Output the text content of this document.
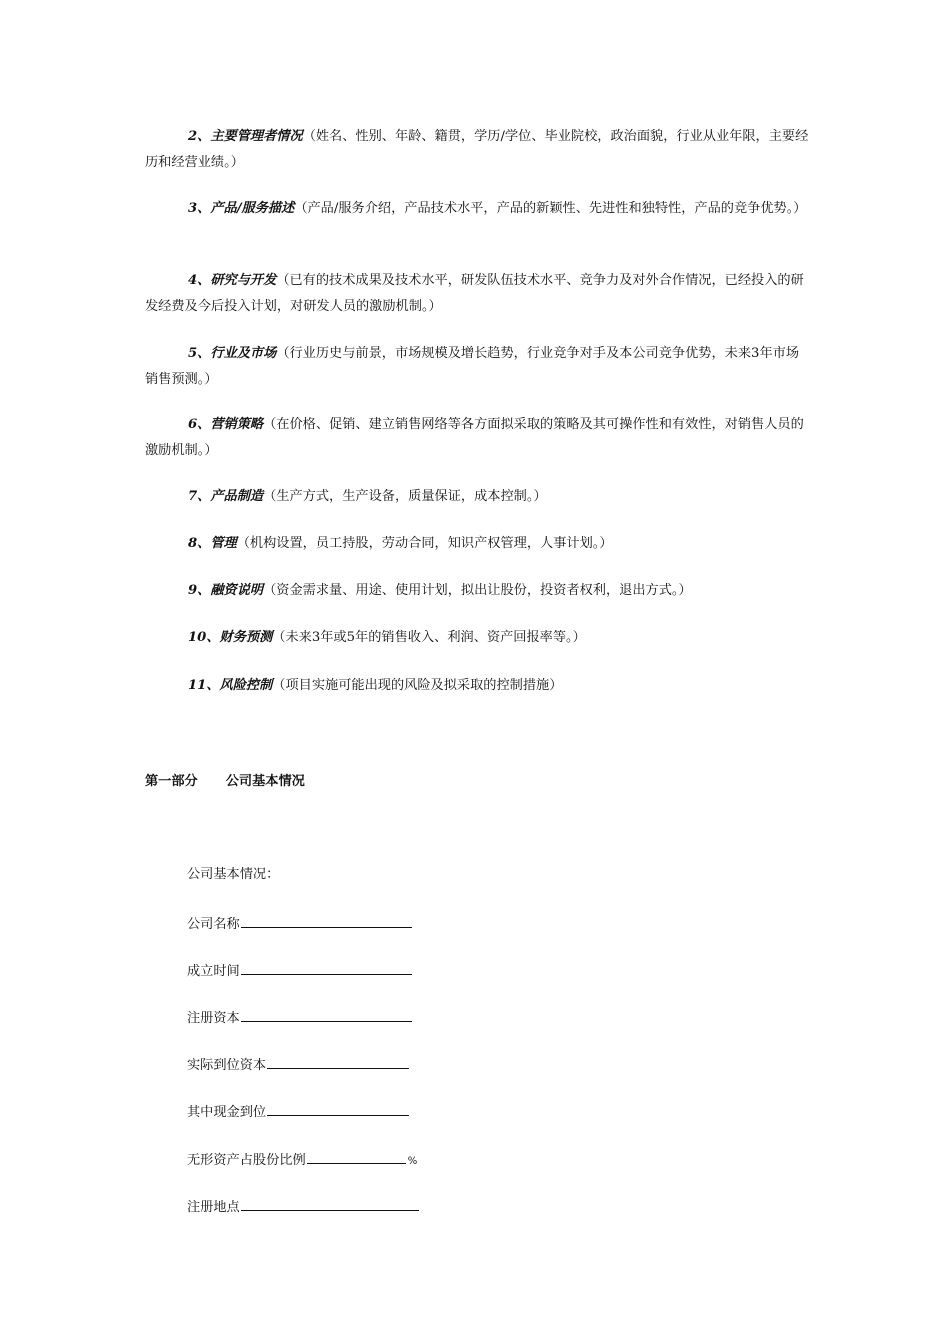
2、主要管理者情况（姓名、性别、年龄、籍贯，学历/学位、毕业院校，政治面貌，行业从业年限，主要经历和经营业绩。）

3、产品/服务描述（产品/服务介绍，产品技术水平，产品的新颖性、先进性和独特性，产品的竞争优势。）

4、研究与开发（已有的技术成果及技术水平，研发队伍技术水平、竞争力及对外合作情况，已经投入的研发经费及今后投入计划，对研发人员的激励机制。）

5、行业及市场（行业历史与前景，市场规模及增长趋势，行业竞争对手及本公司竞争优势，未来3年市场销售预测。）

6、营销策略（在价格、促销、建立销售网络等各方面拟采取的策略及其可操作性和有效性，对销售人员的激励机制。）

7、产品制造（生产方式，生产设备，质量保证，成本控制。）

8、管理（机构设置，员工持股，劳动合同，知识产权管理，人事计划。）

9、融资说明（资金需求量、用途、使用计划，拟出让股份，投资者权利，退出方式。）

10、财务预测（未来3年或5年的销售收入、利润、资产回报率等。）

11、风险控制（项目实施可能出现的风险及拟采取的控制措施）

第一部分 公司基本情况

公司基本情况：

公司名称
成立时间
注册资本
实际到位资本
其中现金到位
无形资产占股份比例	%
注册地点
